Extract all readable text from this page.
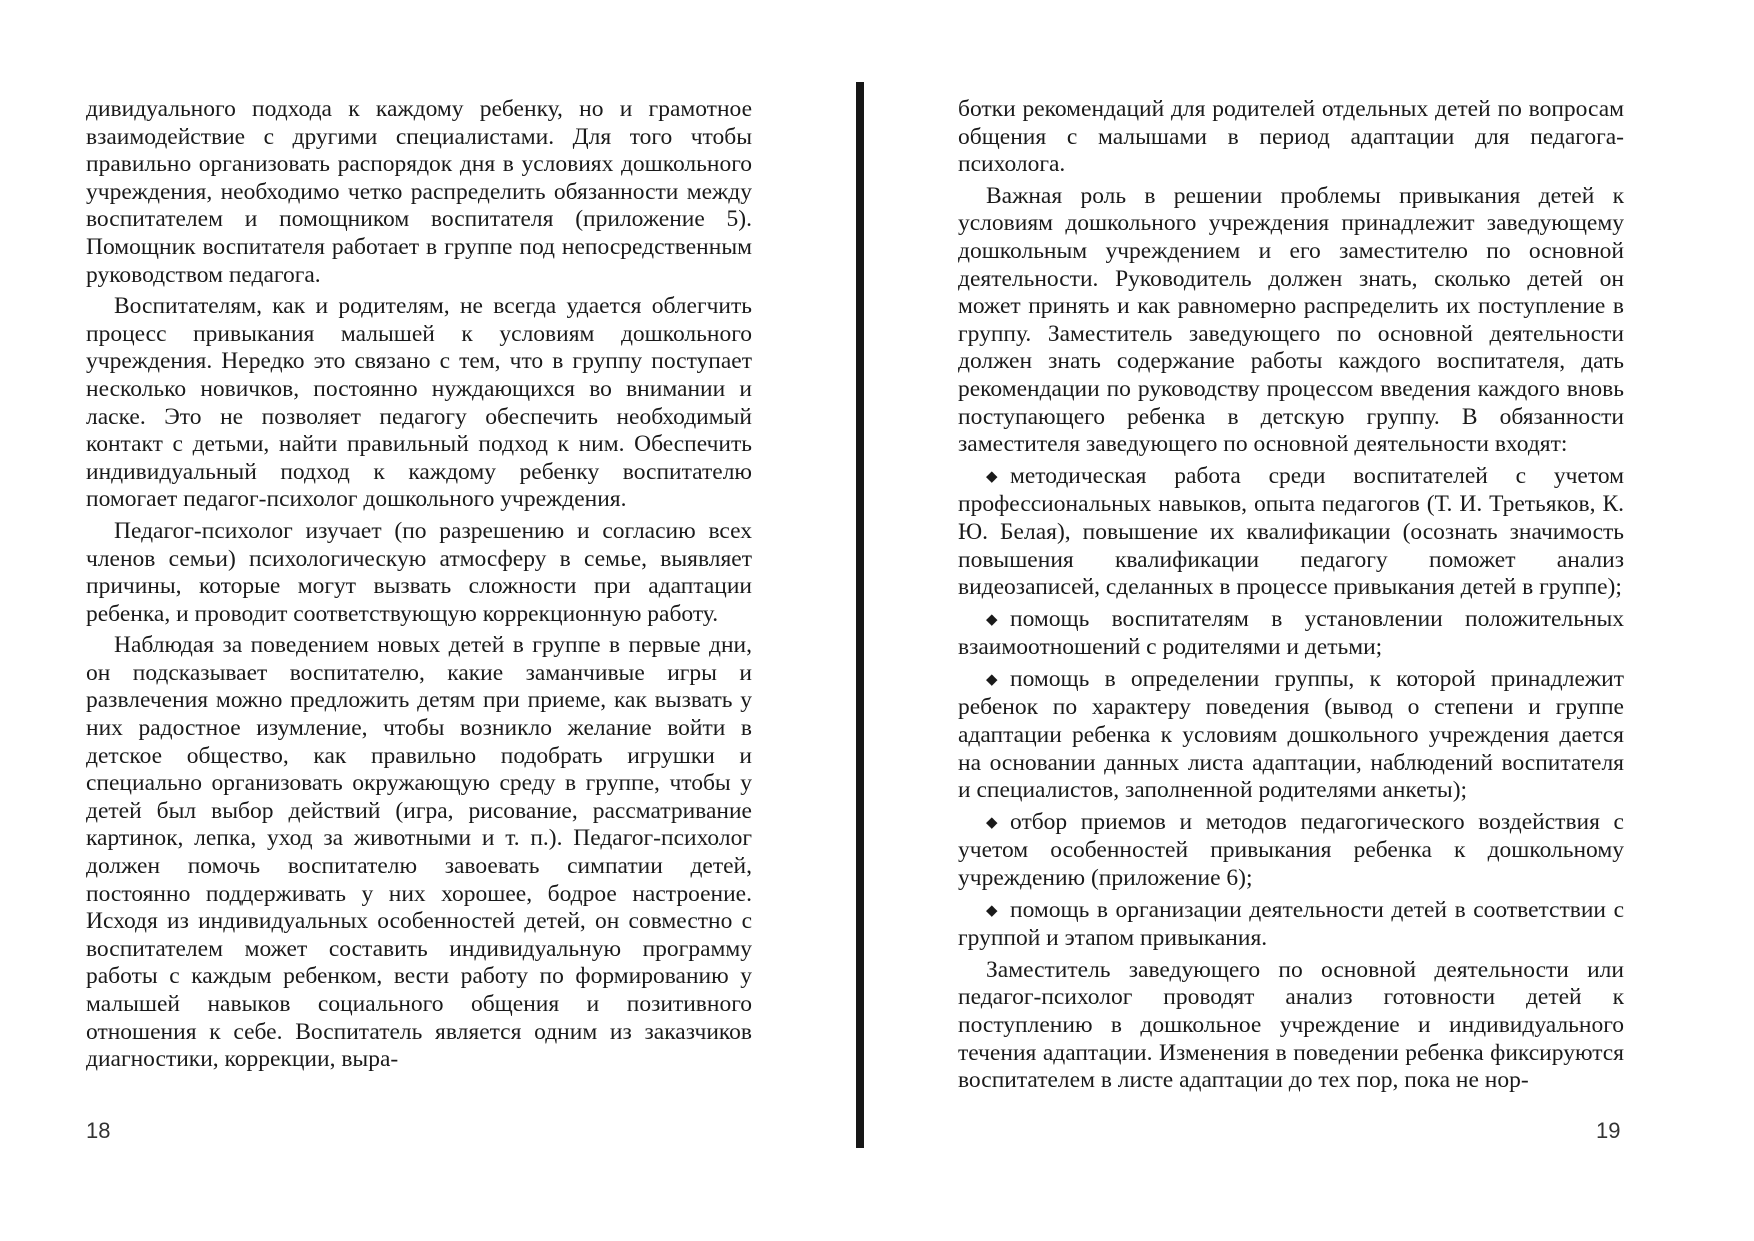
дивидуального подхода к каждому ребенку, но и грамотное взаимодействие с другими специалистами. Для того чтобы правильно организовать распорядок дня в условиях дошкольного учреждения, необходимо четко распределить обязанности между воспитателем и помощником воспитателя (приложение 5). Помощник воспитателя работает в группе под непосредственным руководством педагога.

Воспитателям, как и родителям, не всегда удается облегчить процесс привыкания малышей к условиям дошкольного учреждения. Нередко это связано с тем, что в группу поступает несколько новичков, постоянно нуждающихся во внимании и ласке. Это не позволяет педагогу обеспечить необходимый контакт с детьми, найти правильный подход к ним. Обеспечить индивидуальный подход к каждому ребенку воспитателю помогает педагог-психолог дошкольного учреждения.

Педагог-психолог изучает (по разрешению и согласию всех членов семьи) психологическую атмосферу в семье, выявляет причины, которые могут вызвать сложности при адаптации ребенка, и проводит соответствующую коррекционную работу.

Наблюдая за поведением новых детей в группе в первые дни, он подсказывает воспитателю, какие заманчивые игры и развлечения можно предложить детям при приеме, как вызвать у них радостное изумление, чтобы возникло желание войти в детское общество, как правильно подобрать игрушки и специально организовать окружающую среду в группе, чтобы у детей был выбор действий (игра, рисование, рассматривание картинок, лепка, уход за животными и т. п.). Педагог-психолог должен помочь воспитателю завоевать симпатии детей, постоянно поддерживать у них хорошее, бодрое настроение. Исходя из индивидуальных особенностей детей, он совместно с воспитателем может составить индивидуальную программу работы с каждым ребенком, вести работу по формированию у малышей навыков социального общения и позитивного отношения к себе. Воспитатель является одним из заказчиков диагностики, коррекции, выра-

ботки рекомендаций для родителей отдельных детей по вопросам общения с малышами в период адаптации для педагога-психолога.

Важная роль в решении проблемы привыкания детей к условиям дошкольного учреждения принадлежит заведующему дошкольным учреждением и его заместителю по основной деятельности. Руководитель должен знать, сколько детей он может принять и как равномерно распределить их поступление в группу. Заместитель заведующего по основной деятельности должен знать содержание работы каждого воспитателя, дать рекомендации по руководству процессом введения каждого вновь поступающего ребенка в детскую группу. В обязанности заместителя заведующего по основной деятельности входят:

◆ методическая работа среди воспитателей с учетом профессиональных навыков, опыта педагогов (Т. И. Третьяков, К. Ю. Белая), повышение их квалификации (осознать значимость повышения квалификации педагогу поможет анализ видеозаписей, сделанных в процессе привыкания детей в группе);
◆ помощь воспитателям в установлении положительных взаимоотношений с родителями и детьми;
◆ помощь в определении группы, к которой принадлежит ребенок по характеру поведения (вывод о степени и группе адаптации ребенка к условиям дошкольного учреждения дается на основании данных листа адаптации, наблюдений воспитателя и специалистов, заполненной родителями анкеты);
◆ отбор приемов и методов педагогического воздействия с учетом особенностей привыкания ребенка к дошкольному учреждению (приложение 6);
◆ помощь в организации деятельности детей в соответствии с группой и этапом привыкания.

Заместитель заведующего по основной деятельности или педагог-психолог проводят анализ готовности детей к поступлению в дошкольное учреждение и индивидуального течения адаптации. Изменения в поведении ребенка фиксируются воспитателем в листе адаптации до тех пор, пока не нор-

18	19
